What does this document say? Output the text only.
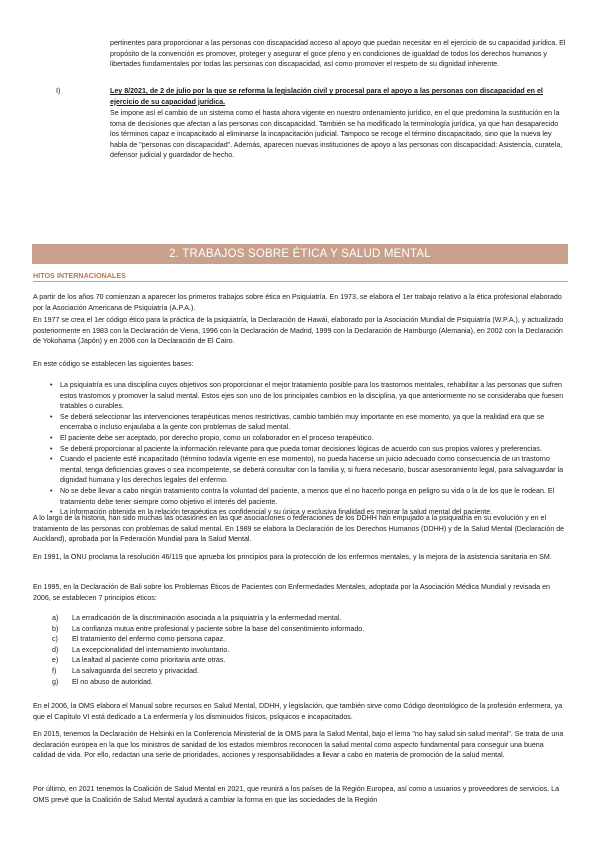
pertinentes para proporcionar a las personas con discapacidad acceso al apoyo que puedan necesitar en el ejercicio de su capacidad jurídica. El propósito de la convención es promover, proteger y asegurar el goce pleno y en condiciones de igualdad de todos los derechos humanos y libertades fundamentales por todas las personas con discapacidad, así como promover el respeto de su dignidad inherente.

I)	Ley 8/2021, de 2 de julio por la que se reforma la legislación civil y procesal para el apoyo a las personas con discapacidad en el ejercicio de su capacidad jurídica.

Se impone así el cambio de un sistema como el hasta ahora vigente en nuestro ordenamiento jurídico, en el que predomina la sustitución en la toma de decisiones que afectan a las personas con discapacidad. También se ha modificado la terminología jurídica, ya que han desaparecido los términos capaz e incapacitado al eliminarse la incapacitación judicial. Tampoco se recoge el término discapacitado, sino que la nueva ley habla de "personas con discapacidad". Además, aparecen nuevas instituciones de apoyo a las personas con discapacidad: Asistencia, curatela, defensor judicial y guardador de hecho.

2. TRABAJOS SOBRE ÉTICA Y SALUD MENTAL
HITOS INTERNACIONALES

A partir de los años 70 comienzan a aparecer los primeros trabajos sobre ética en Psiquiatría. En 1973, se elabora el 1er trabajo relativo a la ética profesional elaborado por la Asociación Americana de Psiquiatría (A.P.A.).

En 1977 se crea el 1er código ético para la práctica de la psiquiatría, la Declaración de Hawái, elaborado por la Asociación Mundial de Psiquiatría (W.P.A.), y actualizado posteriormente en 1983 con la Declaración de Viena, 1996 con la Declaración de Madrid, 1999 con la Declaración de Hamburgo (Alemania), en 2002 con la Declaración de Yokohama (Japón) y en 2006 con la Declaración de El Cairo.

En este código se establecen las siguientes bases:

• La psiquiatría es una disciplina cuyos objetivos son proporcionar el mejor tratamiento posible para los trastornos mentales, rehabilitar a las personas que sufren estos trastornos y promover la salud mental. Estos ejes son uno de los principales cambios en la disciplina, ya que anteriormente no se consideraba que fuesen tratables o curables.
• Se deberá seleccionar las intervenciones terapéuticas menos restrictivas, cambio también muy importante en ese momento, ya que la realidad era que se encerraba o incluso enjaulaba a la gente con problemas de salud mental.
• El paciente debe ser aceptado, por derecho propio, como un colaborador en el proceso terapéutico.
• Se deberá proporcionar al paciente la información relevante para que pueda tomar decisiones lógicas de acuerdo con sus propios valores y preferencias.
• Cuando el paciente esté incapacitado (término todavía vigente en ese momento), no pueda hacerse un juicio adecuado como consecuencia de un trastorno mental, tenga deficiencias graves o sea incompetente, se deberá consultar con la familia y, si fuera necesario, buscar asesoramiento legal, para salvaguardar la dignidad humana y los derechos legales del enfermo.
• No se debe llevar a cabo ningún tratamiento contra la voluntad del paciente, a menos que el no hacerlo ponga en peligro su vida o la de los que le rodean. El tratamiento debe tener siempre como objetivo el interés del paciente.
• La información obtenida en la relación terapéutica es confidencial y su única y exclusiva finalidad es mejorar la salud mental del paciente.

A lo largo de la historia, han sido muchas las ocasiones en las que asociaciones o federaciones de los DDHH han empujado a la psiquiatría en su evolución y en el tratamiento de las personas con problemas de salud mental. En 1989 se elabora la Declaración de los Derechos Humanos (DDHH) y de la Salud Mental (Declaración de Auckland), aprobada por la Federación Mundial para la Salud Mental.

En 1991, la ONU proclama la resolución 46/119 que aprueba los principios para la protección de los enfermos mentales, y la mejora de la asistencia sanitaria en SM.

En 1995, en la Declaración de Bali sobre los Problemas Éticos de Pacientes con Enfermedades Mentales, adoptada por la Asociación Médica Mundial y revisada en 2006, se establecen 7 principios éticos:

a) La erradicación de la discriminación asociada a la psiquiatría y la enfermedad mental.
b) La confianza mutua entre profesional y paciente sobre la base del consentimiento informado.
c) El tratamiento del enfermo como persona capaz.
d) La excepcionalidad del internamiento involuntario.
e) La lealtad al paciente como prioritaria ante otras.
f) La salvaguarda del secreto y privacidad.
g) El no abuso de autoridad.

En el 2006, la OMS elabora el Manual sobre recursos en Salud Mental, DDHH, y legislación, que también sirve como Código deontológico de la profesión enfermera, ya que el Capítulo VI está dedicado a La enfermería y los disminuidos físicos, psíquicos e incapacitados.

En 2015, tenemos la Declaración de Helsinki en la Conferencia Ministerial de la OMS para la Salud Mental, bajo el lema "no hay salud sin salud mental". Se trata de una declaración europea en la que los ministros de sanidad de los estados miembros reconocen la salud mental como aspecto fundamental para conseguir una buena calidad de vida. Por ello, redactan una serie de prioridades, acciones y responsabilidades a llevar a cabo en materia de promoción de la salud mental.

Por último, en 2021 tenemos la Coalición de Salud Mental en 2021, que reunirá a los países de la Región Europea, así como a usuarios y proveedores de servicios. La OMS prevé que la Coalición de Salud Mental ayudará a cambiar la forma en que las sociedades de la Región
